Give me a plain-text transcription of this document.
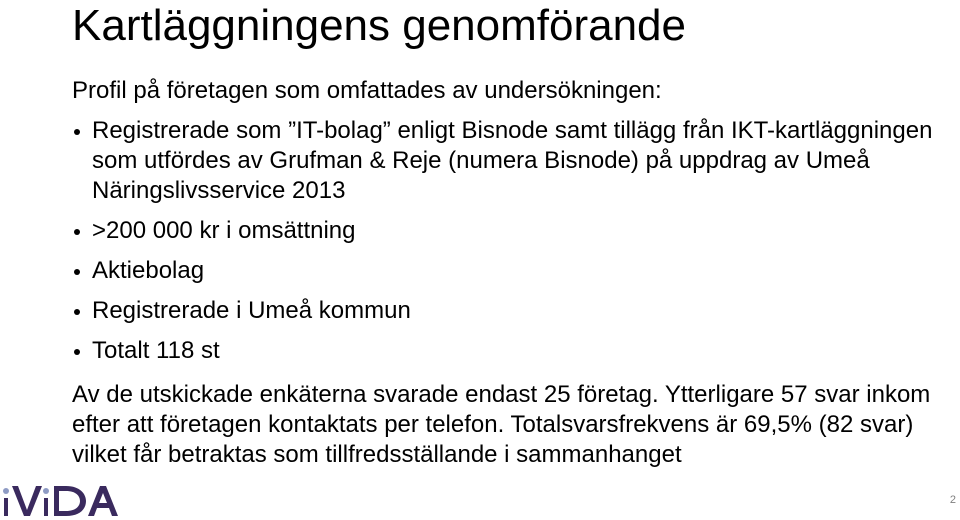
Kartläggningens genomförande
Profil på företagen som omfattades av undersökningen:
Registrerade som ”IT-bolag” enligt Bisnode samt tillägg från IKT-kartläggningen som utfördes av Grufman & Reje (numera Bisnode) på uppdrag av Umeå Näringslivsservice 2013
>200 000 kr i omsättning
Aktiebolag
Registrerade i Umeå kommun
Totalt 118 st
Av de utskickade enkäterna svarade endast 25 företag. Ytterligare 57 svar inkom efter att företagen kontaktats per telefon. Totalsvarsfrekvens är 69,5% (82 svar) vilket får betraktas som tillfredsställande i sammanhanget
2
